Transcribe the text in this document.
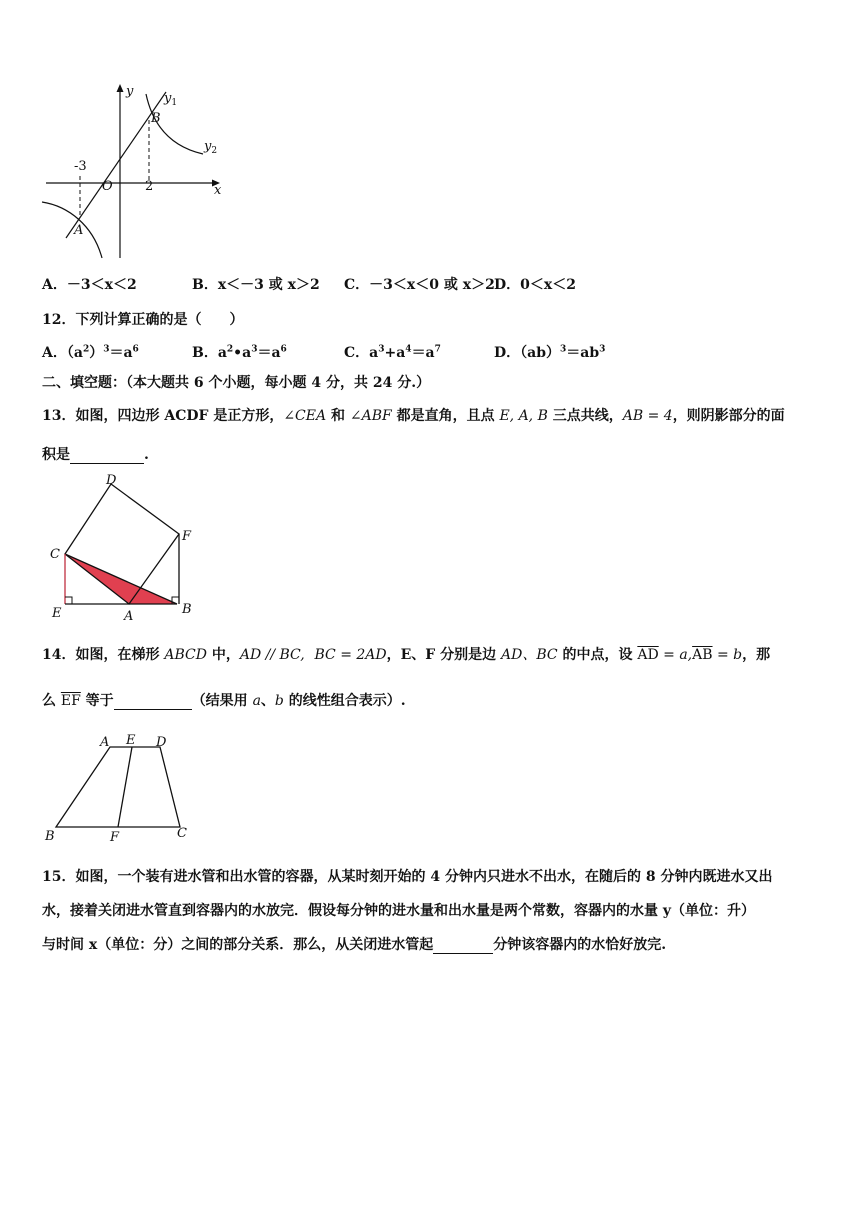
y
x
O
B
A
-3
2
$y_1$
$y_2$
A．－3＜x＜2	B．x＜－3 或 x＞2 C．－3＜x＜0 或 x＞2 D．0＜x＜2
12．下列计算正确的是（　　）
A．$(a^2)^3=a^6$	B．$a^2•a^3=a^6$	C．$a^3+a^4=a^7$	D．$(ab)^3=ab^3$
二、填空题：（本大题共 6 个小题，每小题 4 分，共 24 分.）
13．如图，四边形 ACDF 是正方形，∠CEA 和 ∠ABF 都是直角，且点 E, A, B 三点共线，AB = 4，则阴影部分的面
积是	.
D
C
F
E	A	B
14．如图，在梯形 ABCD 中，AD // BC, BC = 2AD，E、F 分别是边 AD、BC 的中点，设 $\overline{AD} = a,\overline{AB} = b$，那
么 $\overline{EF}$ 等于	（结果用 a、b 的线性组合表示）.
A E D
B	F	C
15．如图，一个装有进水管和出水管的容器，从某时刻开始的 4 分钟内只进水不出水，在随后的 8 分钟内既进水又出
水，接着关闭进水管直到容器内的水放完．假设每分钟的进水量和出水量是两个常数，容器内的水量 y（单位：升）
与时间 x（单位：分）之间的部分关系．那么，从关闭进水管起	分钟该容器内的水恰好放完.
